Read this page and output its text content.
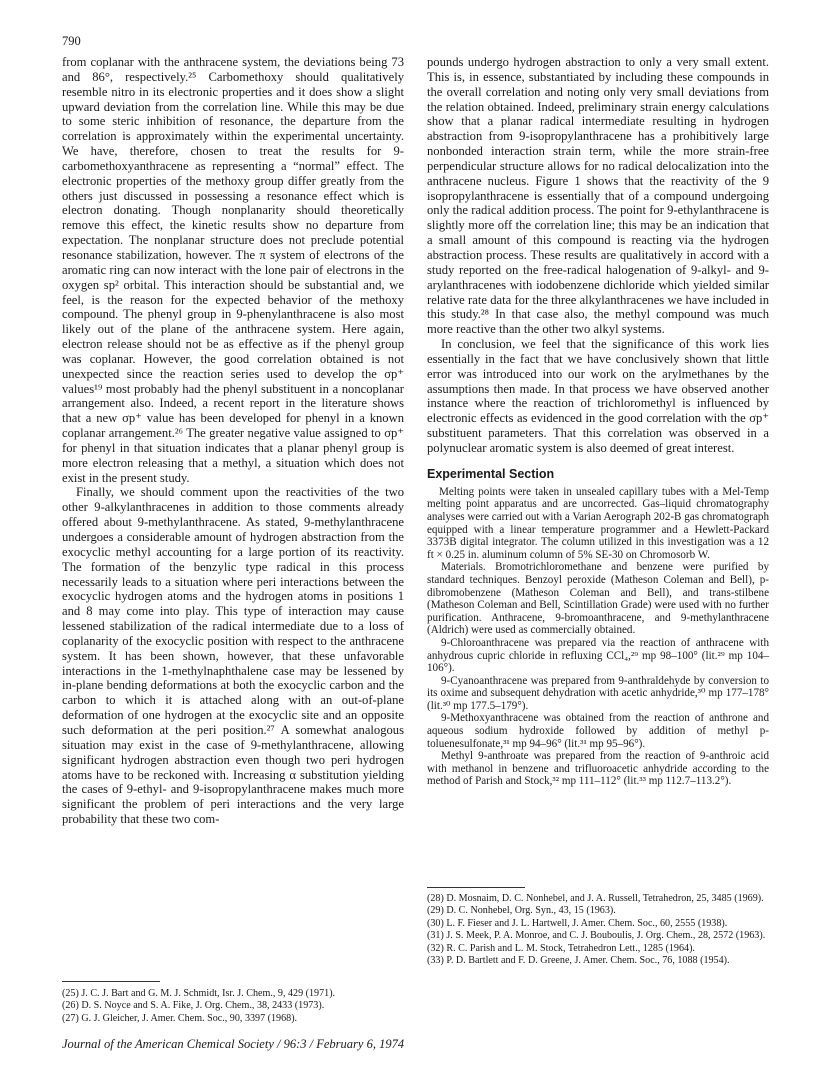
790

from coplanar with the anthracene system, the deviations being 73 and 86°, respectively.²⁵ Carbomethoxy should qualitatively resemble nitro in its electronic properties and it does show a slight upward deviation from the correlation line. While this may be due to some steric inhibition of resonance, the departure from the correlation is approximately within the experimental uncertainty. We have, therefore, chosen to treat the results for 9-carbomethoxyanthracene as representing a “normal” effect. The electronic properties of the methoxy group differ greatly from the others just discussed in possessing a resonance effect which is electron donating. Though nonplanarity should theoretically remove this effect, the kinetic results show no departure from expectation. The nonplanar structure does not preclude potential resonance stabilization, however. The π system of electrons of the aromatic ring can now interact with the lone pair of electrons in the oxygen sp² orbital. This interaction should be substantial and, we feel, is the reason for the expected behavior of the methoxy compound. The phenyl group in 9-phenylanthracene is also most likely out of the plane of the anthracene system. Here again, electron release should not be as effective as if the phenyl group was coplanar. However, the good correlation obtained is not unexpected since the reaction series used to develop the σp⁺ values¹⁹ most probably had the phenyl substituent in a noncoplanar arrangement also. Indeed, a recent report in the literature shows that a new σp⁺ value has been developed for phenyl in a known coplanar arrangement.²⁶ The greater negative value assigned to σp⁺ for phenyl in that situation indicates that a planar phenyl group is more electron releasing that a methyl, a situation which does not exist in the present study.

Finally, we should comment upon the reactivities of the two other 9-alkylanthracenes in addition to those comments already offered about 9-methylanthracene. As stated, 9-methylanthracene undergoes a considerable amount of hydrogen abstraction from the exocyclic methyl accounting for a large portion of its reactivity. The formation of the benzylic type radical in this process necessarily leads to a situation where peri interactions between the exocyclic hydrogen atoms and the hydrogen atoms in positions 1 and 8 may come into play. This type of interaction may cause lessened stabilization of the radical intermediate due to a loss of coplanarity of the exocyclic position with respect to the anthracene system. It has been shown, however, that these unfavorable interactions in the 1-methylnaphthalene case may be lessened by in-plane bending deformations at both the exocyclic carbon and the carbon to which it is attached along with an out-of-plane deformation of one hydrogen at the exocyclic site and an opposite such deformation at the peri position.²⁷ A somewhat analogous situation may exist in the case of 9-methylanthracene, allowing significant hydrogen abstraction even though two peri hydrogen atoms have to be reckoned with. Increasing α substitution yielding the cases of 9-ethyl- and 9-isopropylanthracene makes much more significant the problem of peri interactions and the very large probability that these two com-

pounds undergo hydrogen abstraction to only a very small extent. This is, in essence, substantiated by including these compounds in the overall correlation and noting only very small deviations from the relation obtained. Indeed, preliminary strain energy calculations show that a planar radical intermediate resulting in hydrogen abstraction from 9-isopropylanthracene has a prohibitively large nonbonded interaction strain term, while the more strain-free perpendicular structure allows for no radical delocalization into the anthracene nucleus. Figure 1 shows that the reactivity of the 9 isopropylanthracene is essentially that of a compound undergoing only the radical addition process. The point for 9-ethylanthracene is slightly more off the correlation line; this may be an indication that a small amount of this compound is reacting via the hydrogen abstraction process. These results are qualitatively in accord with a study reported on the free-radical halogenation of 9-alkyl- and 9-arylanthracenes with iodobenzene dichloride which yielded similar relative rate data for the three alkylanthracenes we have included in this study.²⁸ In that case also, the methyl compound was much more reactive than the other two alkyl systems.

In conclusion, we feel that the significance of this work lies essentially in the fact that we have conclusively shown that little error was introduced into our work on the arylmethanes by the assumptions then made. In that process we have observed another instance where the reaction of trichloromethyl is influenced by electronic effects as evidenced in the good correlation with the σp⁺ substituent parameters. That this correlation was observed in a polynuclear aromatic system is also deemed of great interest.

Experimental Section

Melting points were taken in unsealed capillary tubes with a Mel-Temp melting point apparatus and are uncorrected. Gas–liquid chromatography analyses were carried out with a Varian Aerograph 202-B gas chromatograph equipped with a linear temperature programmer and a Hewlett-Packard 3373B digital integrator. The column utilized in this investigation was a 12 ft × 0.25 in. aluminum column of 5% SE-30 on Chromosorb W.

Materials. Bromotrichloromethane and benzene were purified by standard techniques. Benzoyl peroxide (Matheson Coleman and Bell), p-dibromobenzene (Matheson Coleman and Bell), and trans-stilbene (Matheson Coleman and Bell, Scintillation Grade) were used with no further purification. Anthracene, 9-bromoanthracene, and 9-methylanthracene (Aldrich) were used as commercially obtained.

9-Chloroanthracene was prepared via the reaction of anthracene with anhydrous cupric chloride in refluxing CCl₄,²⁹ mp 98–100° (lit.²⁹ mp 104–106°).

9-Cyanoanthracene was prepared from 9-anthraldehyde by conversion to its oxime and subsequent dehydration with acetic anhydride,³⁰ mp 177–178° (lit.³⁰ mp 177.5–179°).

9-Methoxyanthracene was obtained from the reaction of anthrone and aqueous sodium hydroxide followed by addition of methyl p-toluenesulfonate,³¹ mp 94–96° (lit.³¹ mp 95–96°).

Methyl 9-anthroate was prepared from the reaction of 9-anthroic acid with methanol in benzene and trifluoroacetic anhydride according to the method of Parish and Stock,³² mp 111–112° (lit.³³ mp 112.7–113.2°).

(25) J. C. J. Bart and G. M. J. Schmidt, Isr. J. Chem., 9, 429 (1971).
(26) D. S. Noyce and S. A. Fike, J. Org. Chem., 38, 2433 (1973).
(27) G. J. Gleicher, J. Amer. Chem. Soc., 90, 3397 (1968).
(28) D. Mosnaim, D. C. Nonhebel, and J. A. Russell, Tetrahedron, 25, 3485 (1969).
(29) D. C. Nonhebel, Org. Syn., 43, 15 (1963).
(30) L. F. Fieser and J. L. Hartwell, J. Amer. Chem. Soc., 60, 2555 (1938).
(31) J. S. Meek, P. A. Monroe, and C. J. Bouboulis, J. Org. Chem., 28, 2572 (1963).
(32) R. C. Parish and L. M. Stock, Tetrahedron Lett., 1285 (1964).
(33) P. D. Bartlett and F. D. Greene, J. Amer. Chem. Soc., 76, 1088 (1954).
Journal of the American Chemical Society / 96:3 / February 6, 1974
